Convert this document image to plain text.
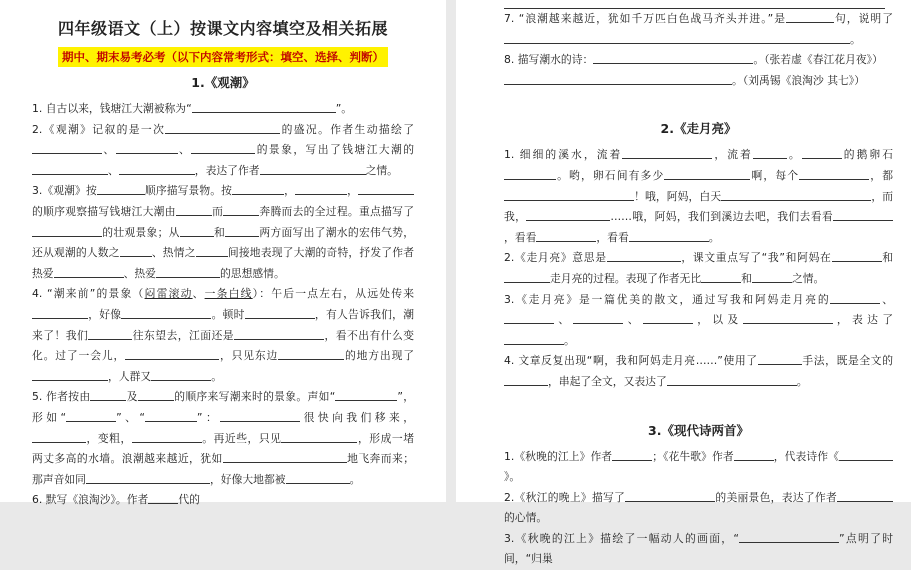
四年级语文（上）按课文内容填空及相关拓展
期中、期末易考必考（以下内容常考形式：填空、选择、判断）
1.《观潮》

1. 自古以来，钱塘江大潮被称为“	”。

2.《观潮》记叙的是一次	的盛况。作者生动描绘了、	、	的景象，写出了钱塘江大潮的、	，表达了作者	之情。

3.《观潮》按	顺序描写景物。按	，	，的顺序观察描写钱塘江大潮由	而	奔腾而去的全过程。重点描写了的壮观景象；从	和	两方面写出了潮水的宏伟气势，还从观潮的人数之	、热情之	间接地表现了大潮的奇特，抒发了作者热爱	、热爱	的思想感情。

4. “潮来前”的景象（闷雷滚动、一条白线）：午后一点左右，从远处传来，好像	。顿时	，有人告诉我们，潮来了！我们	往东望去，江面还是	，看不出有什么变化。过了一会儿，	，只见东边	的地方出现了，人群又	。

5. 作者按由	及	的顺序来写潮来时的景象。声如“	”，形如“	”、“	”：	很快向我们移来，，变粗，	。再近些，只见	，形成一堵两丈多高的水墙。浪潮越来越近，犹如	地飞奔而来；那声音如同	，好像大地都被	。

6. 默写《浪淘沙》。作者	代的

7. “浪潮越来越近，犹如千万匹白色战马齐头并进。”是	句，说明了。

8. 描写潮水的诗：	。（张若虚《春江花月夜》）
。（刘禹锡《浪淘沙 其七》）

2.《走月亮》

1. 细细的溪水，流着	，流着	。	的鹅卵石。哟，卵石间有多少	啊，每个	，都！哦，阿妈，白天	，而我，	……哦，阿妈，我们到溪边去吧，我们去看看，看看	，看看	。

2.《走月亮》意思是	，课文重点写了“我”和阿妈在	和走月亮的过程。表现了作者无比	和	之情。

3.《走月亮》是一篇优美的散文，通过写我和阿妈走月亮的	、、	、	，以及	，表达了。

4. 文章反复出现“啊，我和阿妈走月亮……”使用了	手法，既是全文的，串起了全文，又表达了	。

3.《现代诗两首》

1.《秋晚的江上》作者	；《花牛歌》作者	，代表诗作《》。

2.《秋江的晚上》描写了	的美丽景色，表达了作者的心情。

3.《秋晚的江上》描绘了一幅动人的画面，“	”点明了时间，“归巢
